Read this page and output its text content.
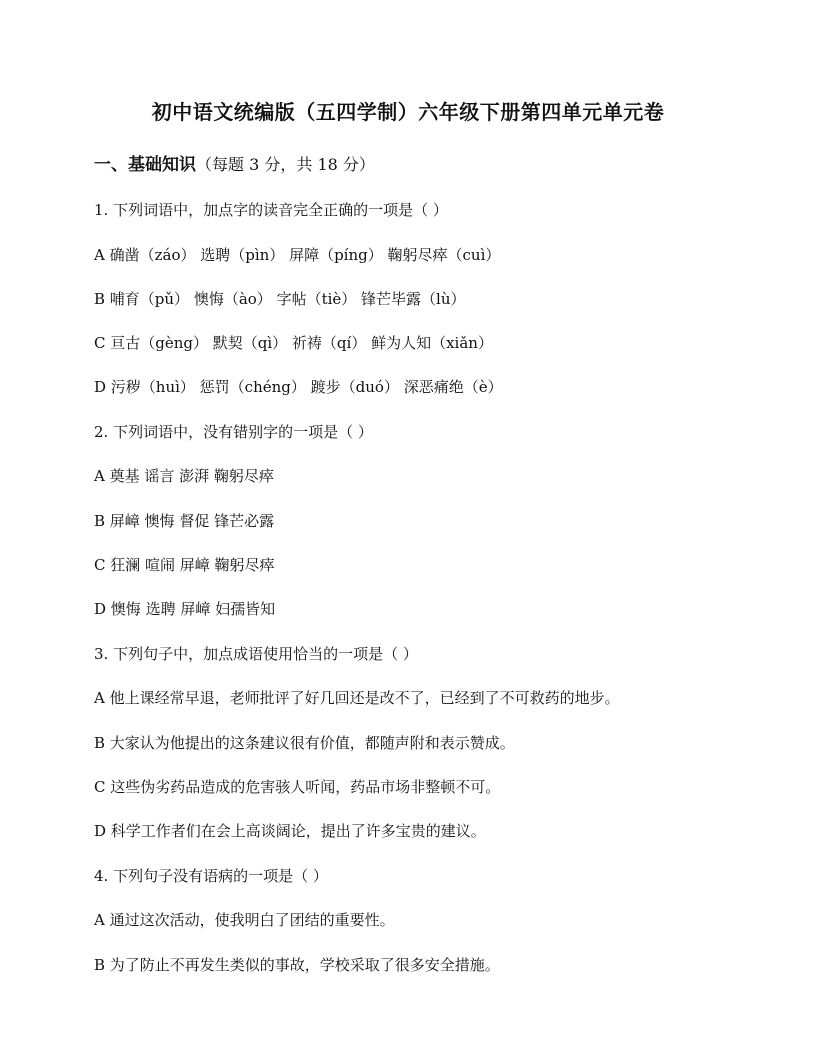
初中语文统编版（五四学制）六年级下册第四单元单元卷
一、基础知识（每题 3 分，共 18 分）
1. 下列词语中，加点字的读音完全正确的一项是（ ）
A 确凿（záo） 选聘（pìn） 屏障（píng） 鞠躬尽瘁（cuì）
B 哺育（pǔ） 懊悔（ào） 字帖（tiè） 锋芒毕露（lù）
C 亘古（gèng） 默契（qì） 祈祷（qí） 鲜为人知（xiǎn）
D 污秽（huì） 惩罚（chéng） 踱步（duó） 深恶痛绝（è）
2. 下列词语中，没有错别字的一项是（ ）
A 奠基 谣言 澎湃 鞠躬尽瘁
B 屏嶂 懊悔 督促 锋芒必露
C 狂澜 喧闹 屏嶂 鞠躬尽瘁
D 懊悔 选聘 屏嶂 妇孺皆知
3. 下列句子中，加点成语使用恰当的一项是（ ）
A 他上课经常早退，老师批评了好几回还是改不了，已经到了不可救药的地步。
B 大家认为他提出的这条建议很有价值，都随声附和表示赞成。
C 这些伪劣药品造成的危害骇人听闻，药品市场非整顿不可。
D 科学工作者们在会上高谈阔论，提出了许多宝贵的建议。
4. 下列句子没有语病的一项是（ ）
A 通过这次活动，使我明白了团结的重要性。
B 为了防止不再发生类似的事故，学校采取了很多安全措施。
